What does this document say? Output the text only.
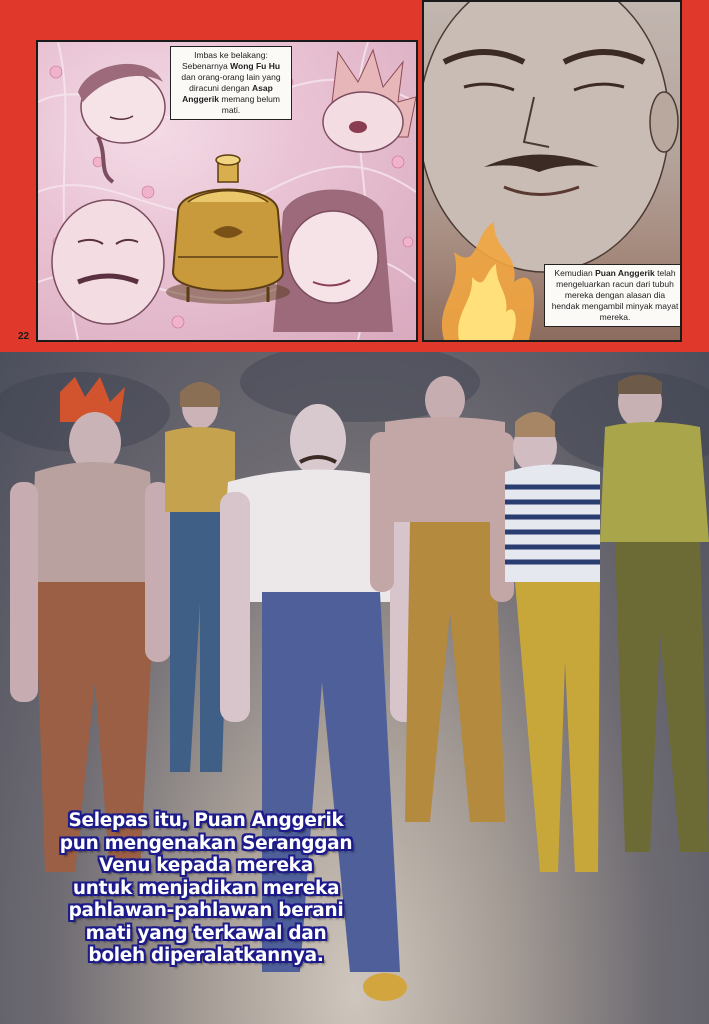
Imbas ke belakang:
Sebenarnya Wong Fu Hu dan orang-orang lain yang diracuni dengan Asap Anggerik memang belum mati.
Kemudian Puan Anggerik telah mengeluarkan racun dari tubuh mereka dengan alasan dia hendak mengambil minyak mayat mereka.
22
Selepas itu, Puan Anggerik
pun mengenakan Seranggan
Venu kepada mereka
untuk menjadikan mereka
pahlawan-pahlawan berani
mati yang terkawal dan
boleh diperalatkannya.
